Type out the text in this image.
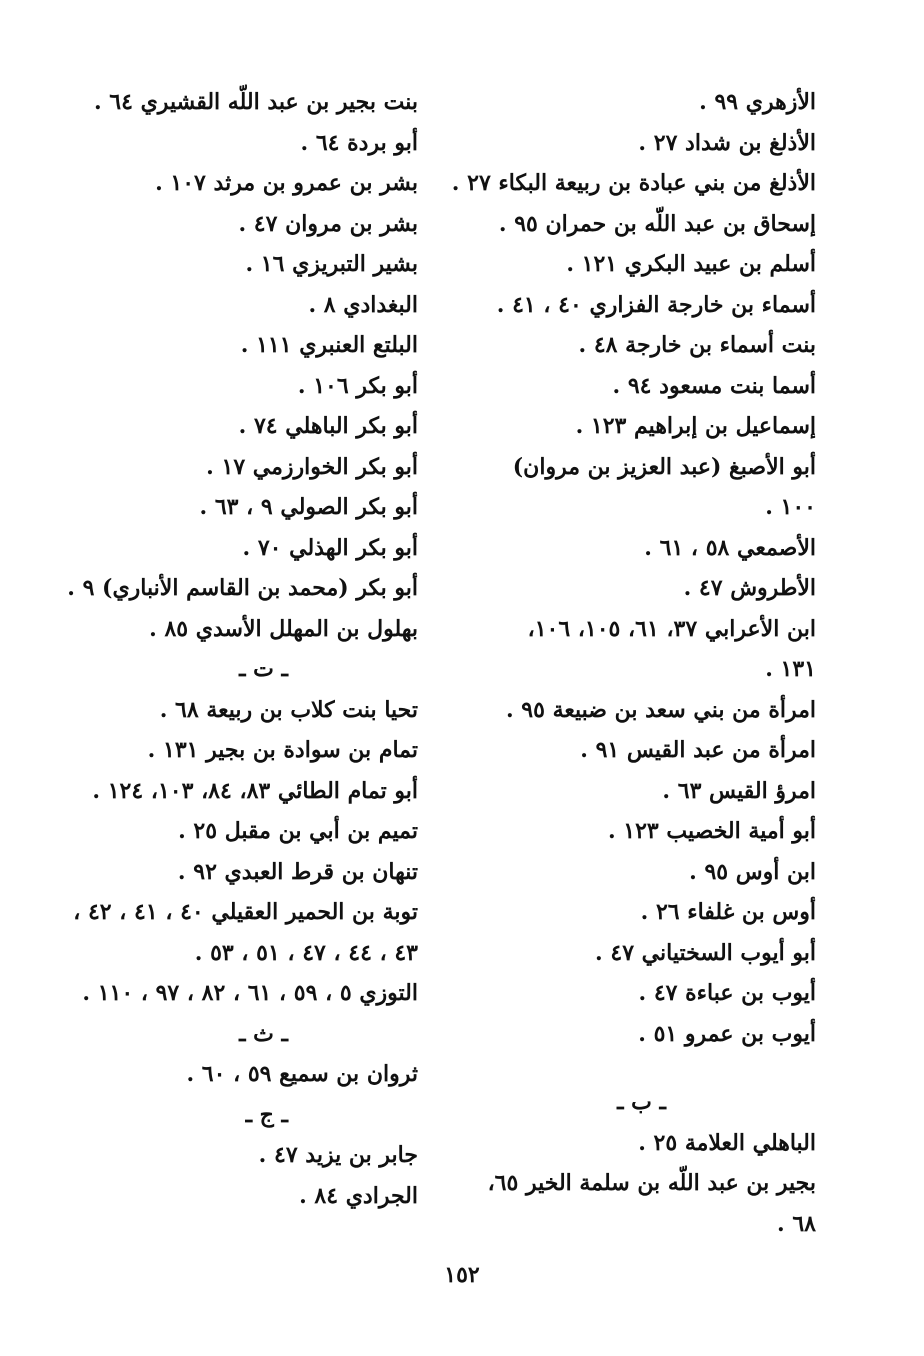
الأزهري ٩٩ .
الأذلغ بن شداد ٢٧ .
الأذلغ من بني عبادة بن ربيعة البكاء ٢٧ .
إسحاق بن عبد اللّه بن حمران ٩٥ .
أسلم بن عبيد البكري ١٢١ .
أسماء بن خارجة الفزاري ٤٠ ، ٤١ .
بنت أسماء بن خارجة ٤٨ .
أسما بنت مسعود ٩٤ .
إسماعيل بن إبراهيم ١٢٣ .
أبو الأصبغ (عبد العزيز بن مروان)
١٠٠ .
الأصمعي ٥٨ ، ٦١ .
الأطروش ٤٧ .
ابن الأعرابي ٣٧، ٦١، ١٠٥، ١٠٦،
١٣١ .
امرأة من بني سعد بن ضبيعة ٩٥ .
امرأة من عبد القيس ٩١ .
امرؤ القيس ٦٣ .
أبو أمية الخصيب ١٢٣ .
ابن أوس ٩٥ .
أوس بن غلفاء ٢٦ .
أبو أيوب السختياني ٤٧ .
أيوب بن عباءة ٤٧ .
أيوب بن عمرو ٥١ .
ـ ب ـ
الباهلي العلامة ٢٥ .
بجير بن عبد اللّه بن سلمة الخير ٦٥،
٦٨ .
بنت بجير بن عبد اللّه القشيري ٦٤ .
أبو بردة ٦٤ .
بشر بن عمرو بن مرثد ١٠٧ .
بشر بن مروان ٤٧ .
بشير التبريزي ١٦ .
البغدادي ٨ .
البلتع العنبري ١١١ .
أبو بكر ١٠٦ .
أبو بكر الباهلي ٧٤ .
أبو بكر الخوارزمي ١٧ .
أبو بكر الصولي ٩ ، ٦٣ .
أبو بكر الهذلي ٧٠ .
أبو بكر (محمد بن القاسم الأنباري) ٩ .
بهلول بن المهلل الأسدي ٨٥ .
ـ ت ـ
تحيا بنت كلاب بن ربيعة ٦٨ .
تمام بن سوادة بن بجير ١٣١ .
أبو تمام الطائي ٨٣، ٨٤، ١٠٣، ١٢٤ .
تميم بن أبي بن مقبل ٢٥ .
تنهان بن قرط العبدي ٩٢ .
توبة بن الحمير العقيلي ٤٠ ، ٤١ ، ٤٢ ،
٤٣ ، ٤٤ ، ٤٧ ، ٥١ ، ٥٣ .
التوزي ٥ ، ٥٩ ، ٦١ ، ٨٢ ، ٩٧ ، ١١٠ .
ـ ث ـ
ثروان بن سميع ٥٩ ، ٦٠ .
ـ ج ـ
جابر بن يزيد ٤٧ .
الجرادي ٨٤ .
١٥٢
